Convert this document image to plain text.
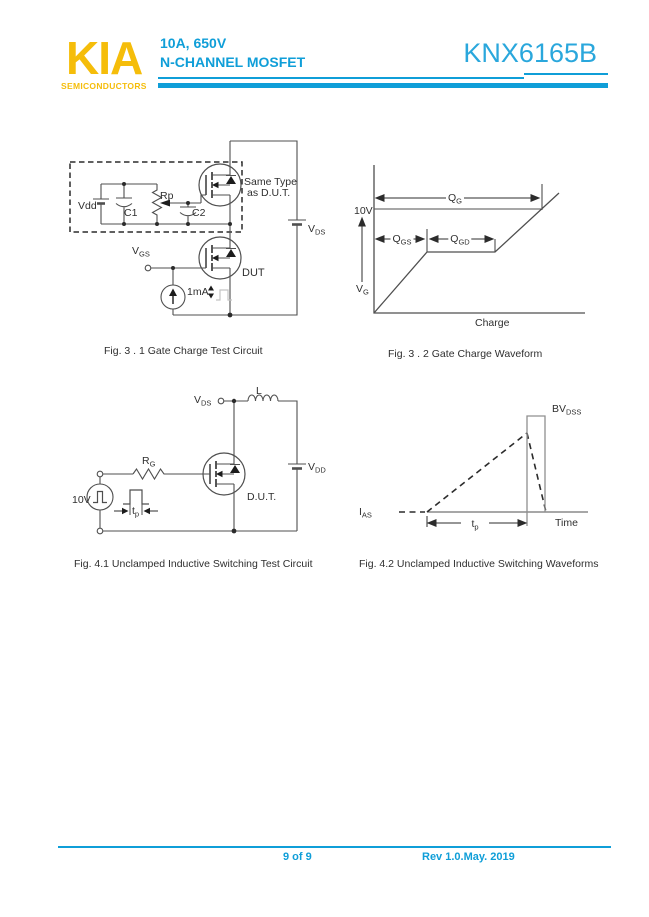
KIA
SEMICONDUCTORS
10A, 650V
N-CHANNEL MOSFET	KNX6165B
Vdd
C1
Rp
C2
Same Type
as D.U.T.
$V_{GS}$
1mA
DUT
$V_{DS}$
Fig. 3 . 1 Gate Charge Test Circuit
10V
$V_G$
$Q_G$
$Q_{GS}$	$Q_{GD}$
Charge
Fig. 3 . 2 Gate Charge Waveform
$V_{DS}$
L
$R_G$
10V
$t_p$
D.U.T.
$V_{DD}$
Fig. 4.1 Unclamped Inductive Switching Test Circuit
$BV_{DSS}$
$I_{AS}$
$t_p$	Time
Fig. 4.2 Unclamped Inductive Switching Waveforms
9 of 9	Rev 1.0.May. 2019
